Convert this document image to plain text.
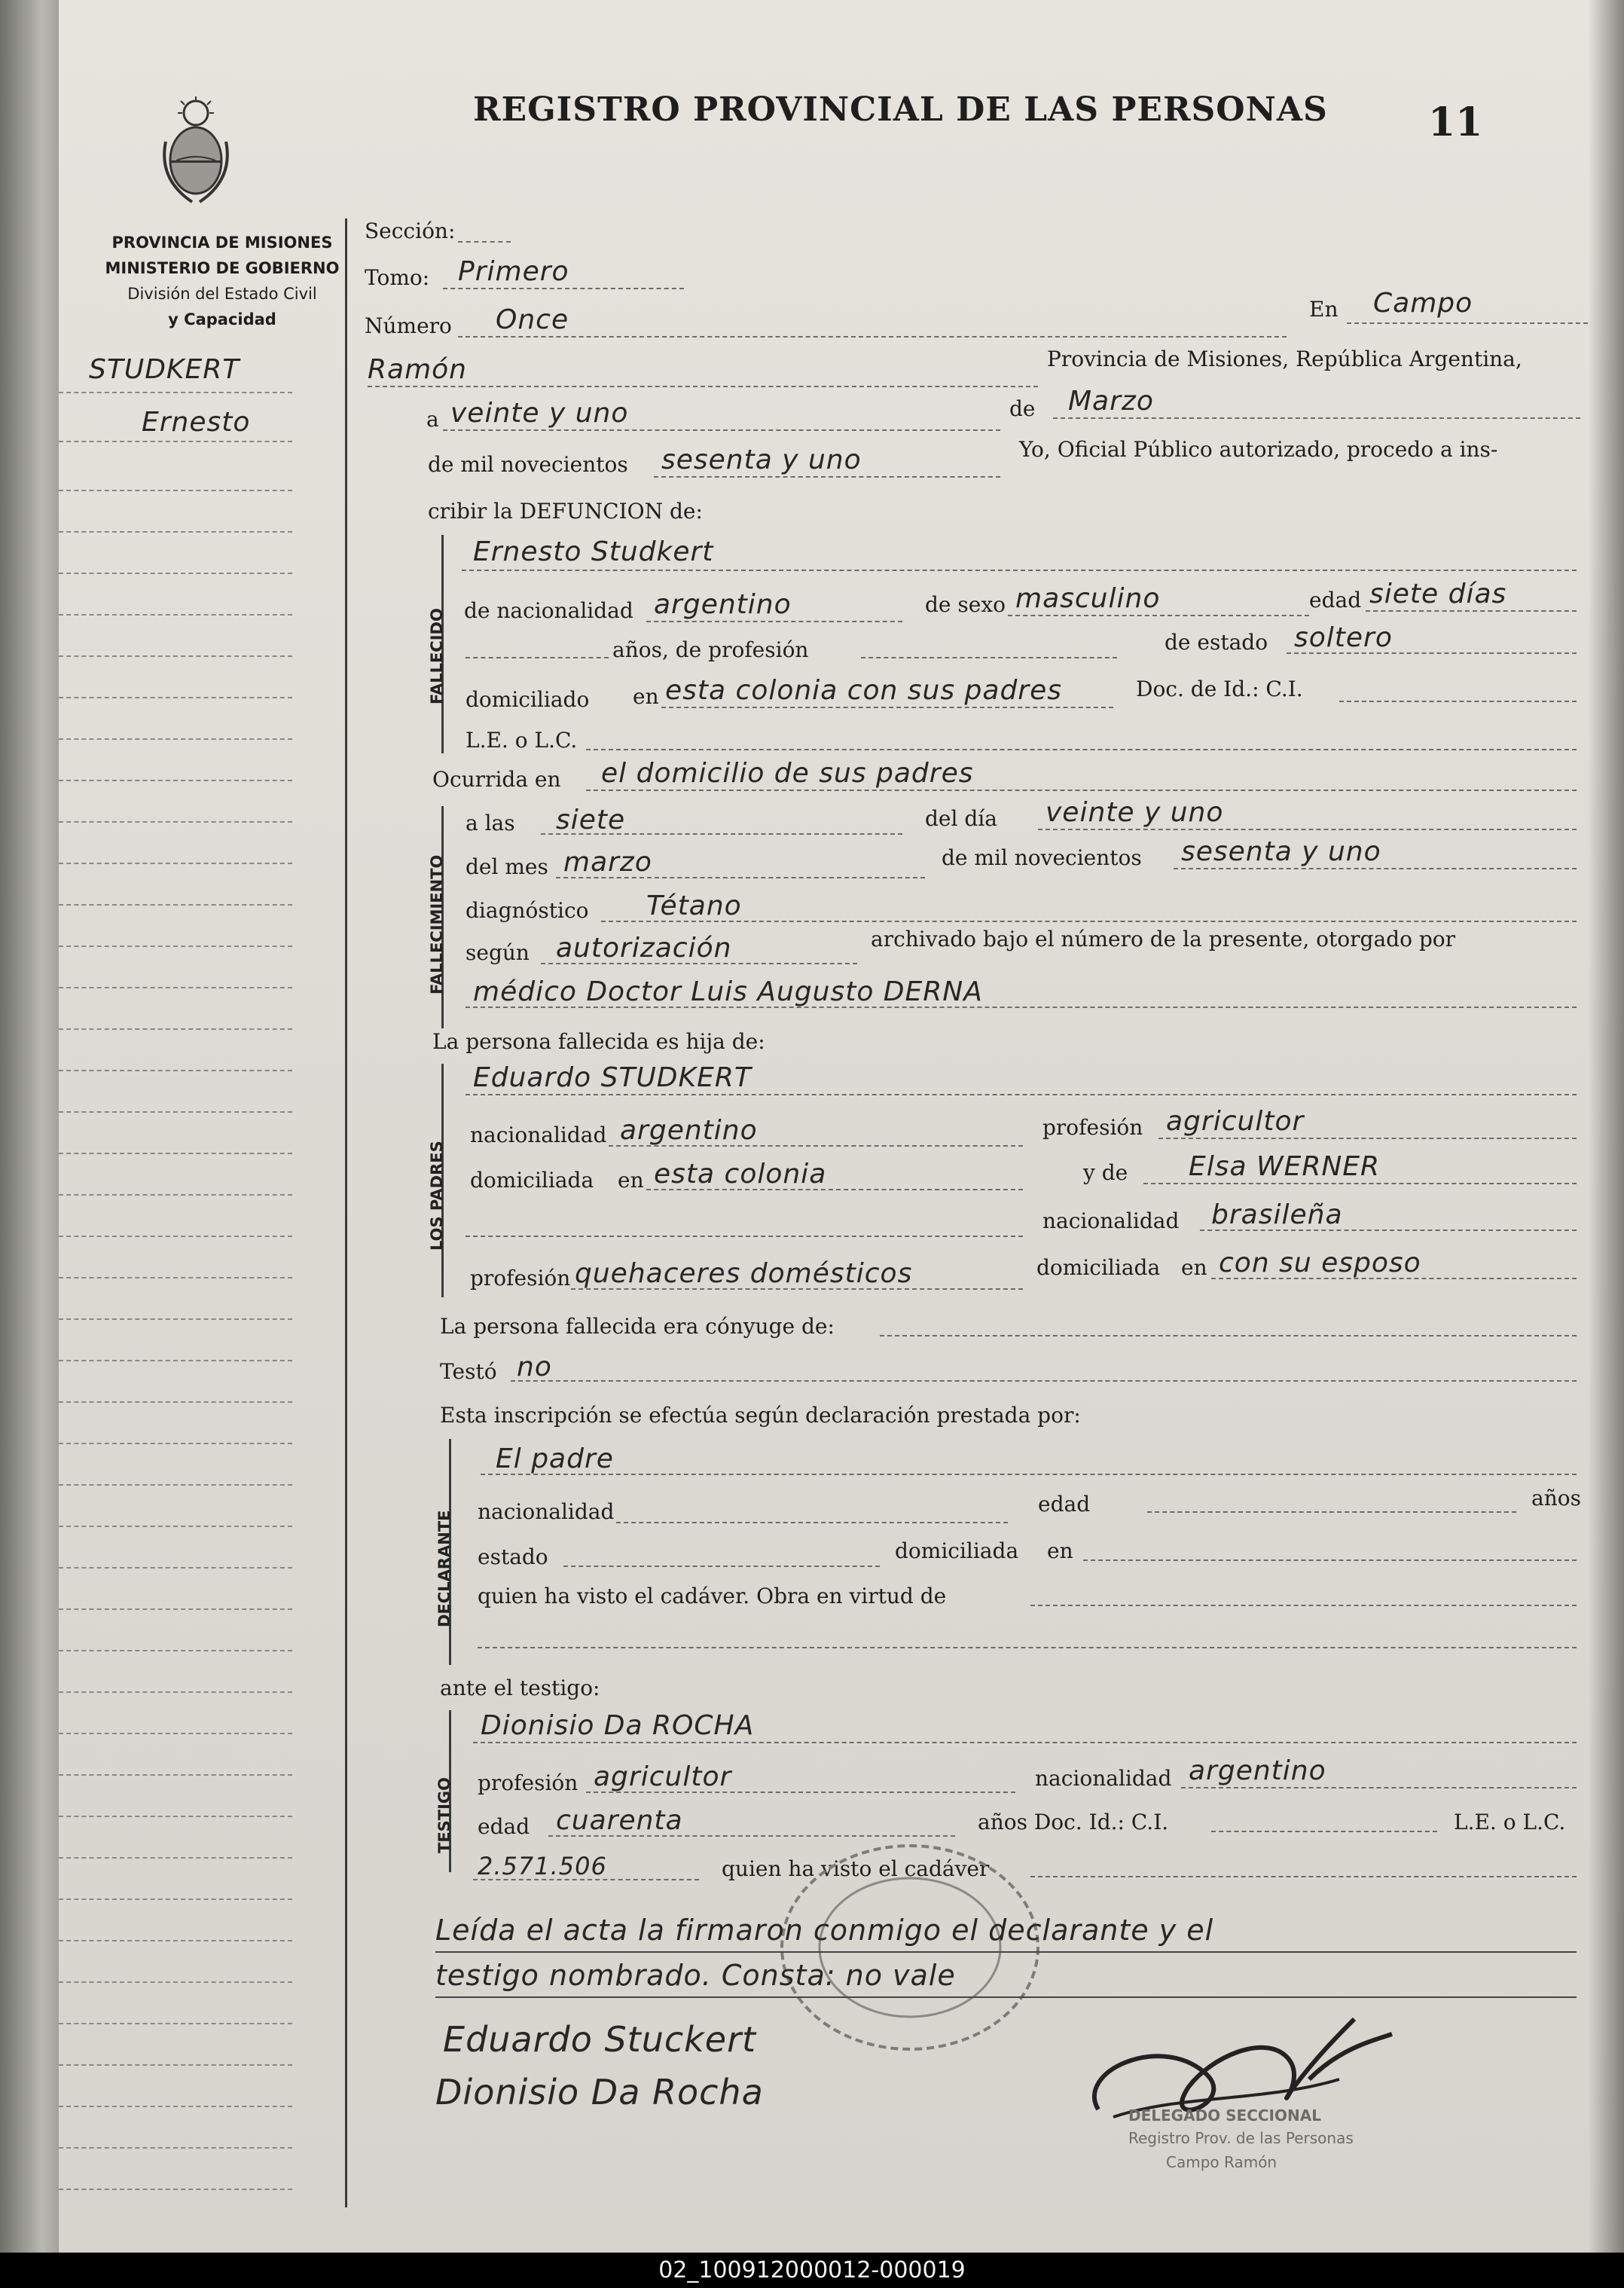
PROVINCIA DE MISIONES
MINISTERIO DE GOBIERNO
División del Estado Civil
y Capacidad
REGISTRO PROVINCIAL DE LAS PERSONAS	11
STUDKERT
Ernesto
Sección:
Tomo: Primero
Número Once	En Campo
Ramón	Provincia de Misiones, República Argentina,
a veinte y uno	de Marzo
de mil novecientos sesenta y uno	Yo, Oficial Público autorizado, procedo a ins-
cribir la DEFUNCION de:
FALLECIDO
Ernesto Studkert
de nacionalidad argentino	de sexo masculino	edad siete días
años, de profesión	de estado soltero
domiciliado en esta colonia con sus padres	Doc. de Id.: C.I.
L.E. o L.C.
Ocurrida en el domicilio de sus padres
FALLECIMIENTO
a las siete	del día veinte y uno
del mes marzo	de mil novecientos sesenta y uno
diagnóstico Tétano
según autorización	archivado bajo el número de la presente, otorgado por
médico Doctor Luis Augusto DERNA
La persona fallecida es hija de:
LOS PADRES
Eduardo STUDKERT
nacionalidad argentino	profesión agricultor
domiciliada en esta colonia	y de Elsa WERNER
nacionalidad brasileña
profesión quehaceres domésticos	domiciliada en con su esposo
La persona fallecida era cónyuge de:
Testó no
Esta inscripción se efectúa según declaración prestada por:
DECLARANTE
El padre
nacionalidad	edad	años
estado	domiciliada en
quien ha visto el cadáver. Obra en virtud de
ante el testigo:
TESTIGO
Dionisio Da ROCHA
profesión agricultor	nacionalidad argentino
edad cuarenta	años Doc. Id.: C.I.	L.E. o L.C.
2.571.506	quien ha visto el cadáver
Leída el acta la firmaron conmigo el declarante y el
testigo nombrado. Consta: no vale
Eduardo Stuckert
Dionisio Da Rocha
DELEGADO SECCIONAL
Registro Prov. de las Personas
Campo Ramón
02_100912000012-000019
